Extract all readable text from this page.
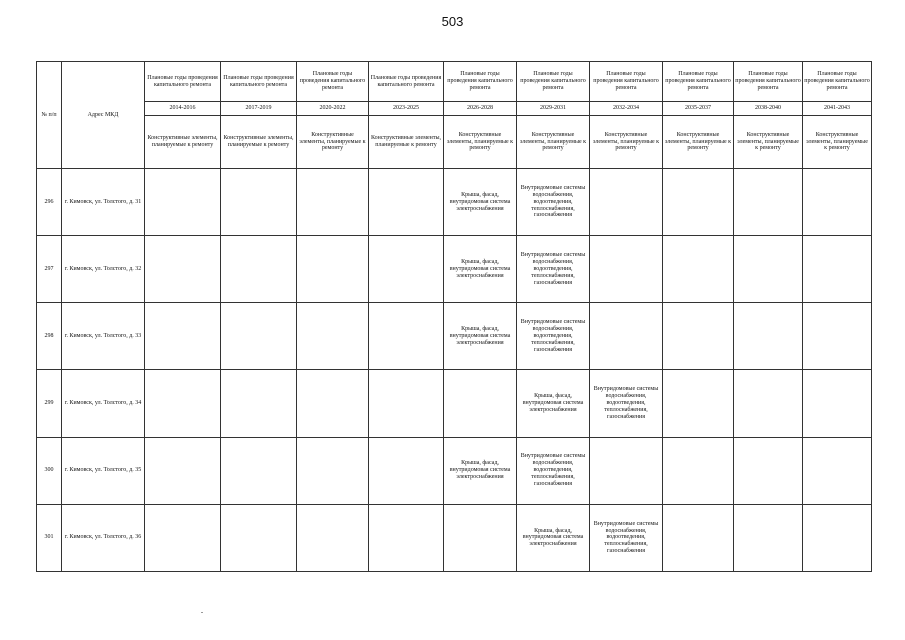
503
№ п/п	Адрес МКД	Плановые годы проведения капитального ремонта	Плановые годы проведения капитального ремонта	Плановые годы проведения капитального ремонта	Плановые годы проведения капитального ремонта	Плановые годы проведения капитального ремонта	Плановые годы проведения капитального ремонта	Плановые годы проведения капитального ремонта	Плановые годы проведения капитального ремонта	Плановые годы проведения капитального ремонта	Плановые годы проведения капитального ремонта
		2014-2016	2017-2019	2020-2022	2023-2025	2026-2028	2029-2031	2032-2034	2035-2037	2038-2040	2041-2043
		Конструктивные элементы, планируемые к ремонту	Конструктивные элементы, планируемые к ремонту	Конструктивные элементы, планируемые к ремонту	Конструктивные элементы, планируемые к ремонту	Конструктивные элементы, планируемые к ремонту	Конструктивные элементы, планируемые к ремонту	Конструктивные элементы, планируемые к ремонту	Конструктивные элементы, планируемые к ремонту	Конструктивные элементы, планируемые к ремонту	Конструктивные элементы, планируемые к ремонту
296	г. Кимовск, ул. Толстого, д. 31					Крыша, фасад, внутридомовая система электроснабжения	Внутридомовые системы водоснабжения, водоотведения, теплоснабжения, газоснабжения				
297	г. Кимовск, ул. Толстого, д. 32					Крыша, фасад, внутридомовая система электроснабжения	Внутридомовые системы водоснабжения, водоотведения, теплоснабжения, газоснабжения				
298	г. Кимовск, ул. Толстого, д. 33					Крыша, фасад, внутридомовая система электроснабжения	Внутридомовые системы водоснабжения, водоотведения, теплоснабжения, газоснабжения				
299	г. Кимовск, ул. Толстого, д. 34						Крыша, фасад, внутридомовая система электроснабжения	Внутридомовые системы водоснабжения, водоотведения, теплоснабжения, газоснабжения			
300	г. Кимовск, ул. Толстого, д. 35					Крыша, фасад, внутридомовая система электроснабжения	Внутридомовые системы водоснабжения, водоотведения, теплоснабжения, газоснабжения				
301	г. Кимовск, ул. Толстого, д. 36						Крыша, фасад, внутридомовая система электроснабжения	Внутридомовые системы водоснабжения, водоотведения, теплоснабжения, газоснабжения			
